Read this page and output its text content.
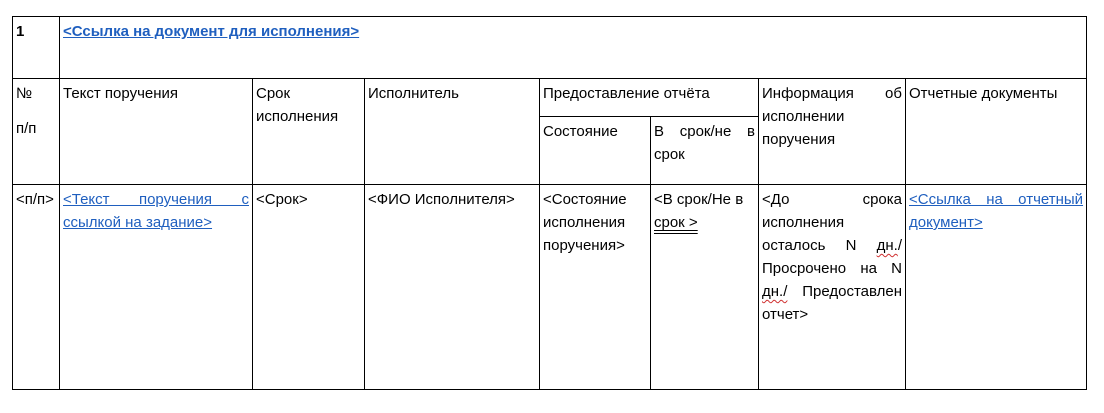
1	<Ссылка на документ для исполнения>						

№
п/п	Текст поручения	Срок исполнения	Исполнитель	Предоставление отчёта		Информация об исполнении поручения	Отчетные документы
				Состояние	В срок/не в срок		
<п/п>	<Текст поручения с ссылкой на задание>	<Срок>	<ФИО Исполнителя>	<Состояние исполнения поручения>	<В срок/Не в срок >	<До срока исполнения осталось N дн./Просрочено на N дн./ Предоставлен отчет>	<Ссылка на отчетный документ>
